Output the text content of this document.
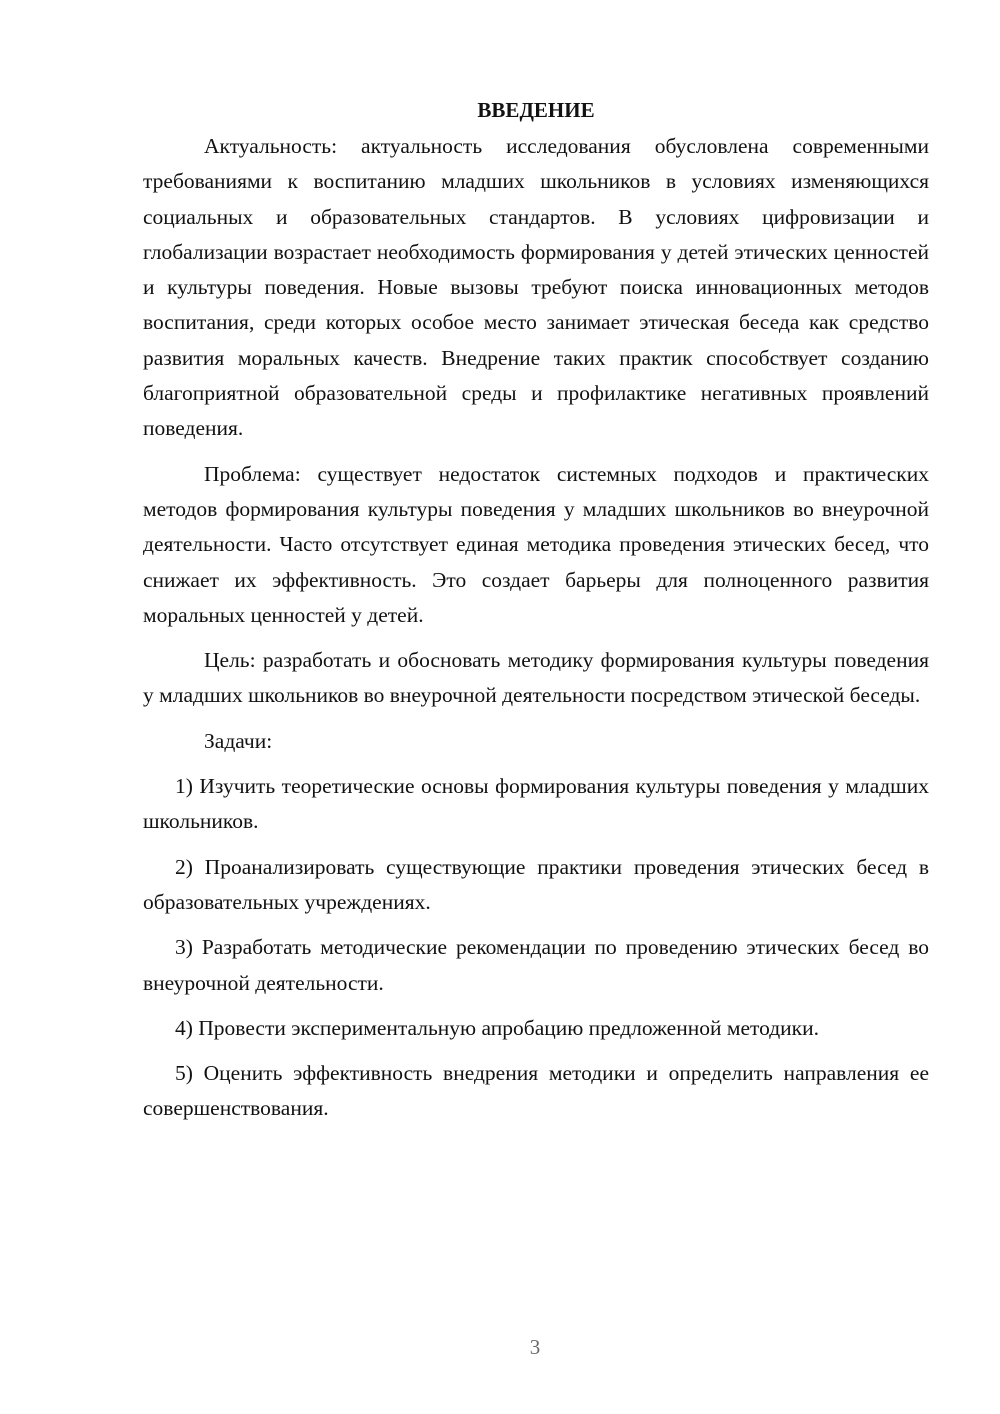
ВВЕДЕНИЕ

Актуальность: актуальность исследования обусловлена современными требованиями к воспитанию младших школьников в условиях изменяющихся социальных и образовательных стандартов. В условиях цифровизации и глобализации возрастает необходимость формирования у детей этических ценностей и культуры поведения. Новые вызовы требуют поиска инновационных методов воспитания, среди которых особое место занимает этическая беседа как средство развития моральных качеств. Внедрение таких практик способствует созданию благоприятной образовательной среды и профилактике негативных проявлений поведения.

Проблема: существует недостаток системных подходов и практических методов формирования культуры поведения у младших школьников во внеурочной деятельности. Часто отсутствует единая методика проведения этических бесед, что снижает их эффективность. Это создает барьеры для полноценного развития моральных ценностей у детей.

Цель: разработать и обосновать методику формирования культуры поведения у младших школьников во внеурочной деятельности посредством этической беседы.

Задачи:

1) Изучить теоретические основы формирования культуры поведения у младших школьников.

2) Проанализировать существующие практики проведения этических бесед в образовательных учреждениях.

3) Разработать методические рекомендации по проведению этических бесед во внеурочной деятельности.

4) Провести экспериментальную апробацию предложенной методики.

5) Оценить эффективность внедрения методики и определить направления ее совершенствования.

3
